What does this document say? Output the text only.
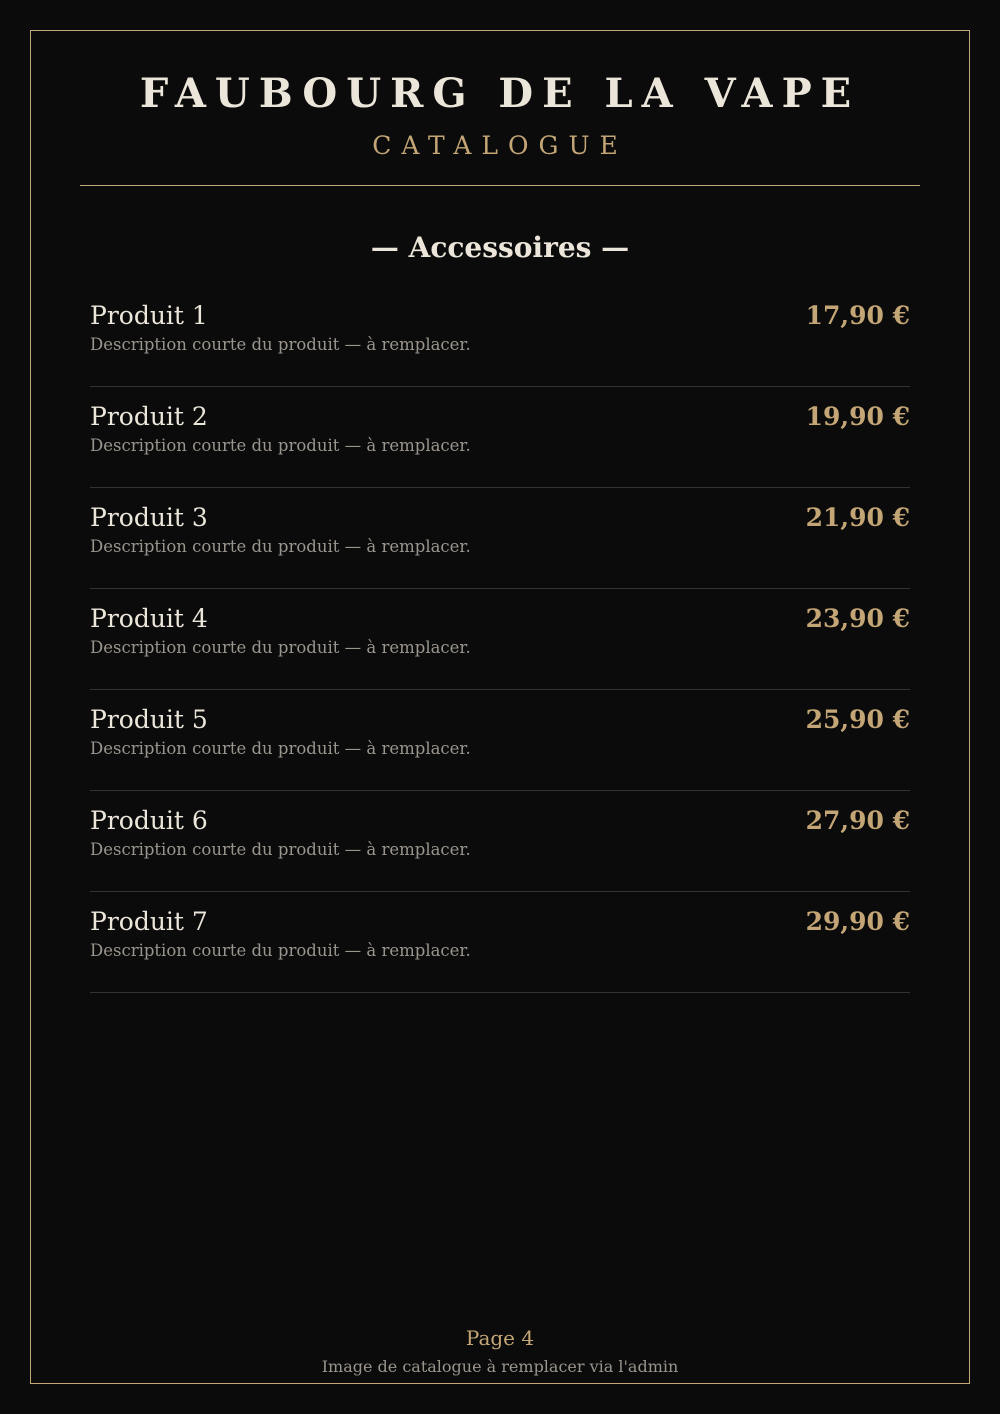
FAUBOURG DE LA VAPE
CATALOGUE
— Accessoires —
Produit 1	17,90 €
Description courte du produit — à remplacer.
Produit 2	19,90 €
Description courte du produit — à remplacer.
Produit 3	21,90 €
Description courte du produit — à remplacer.
Produit 4	23,90 €
Description courte du produit — à remplacer.
Produit 5	25,90 €
Description courte du produit — à remplacer.
Produit 6	27,90 €
Description courte du produit — à remplacer.
Produit 7	29,90 €
Description courte du produit — à remplacer.
Page 4
Image de catalogue à remplacer via l'admin
